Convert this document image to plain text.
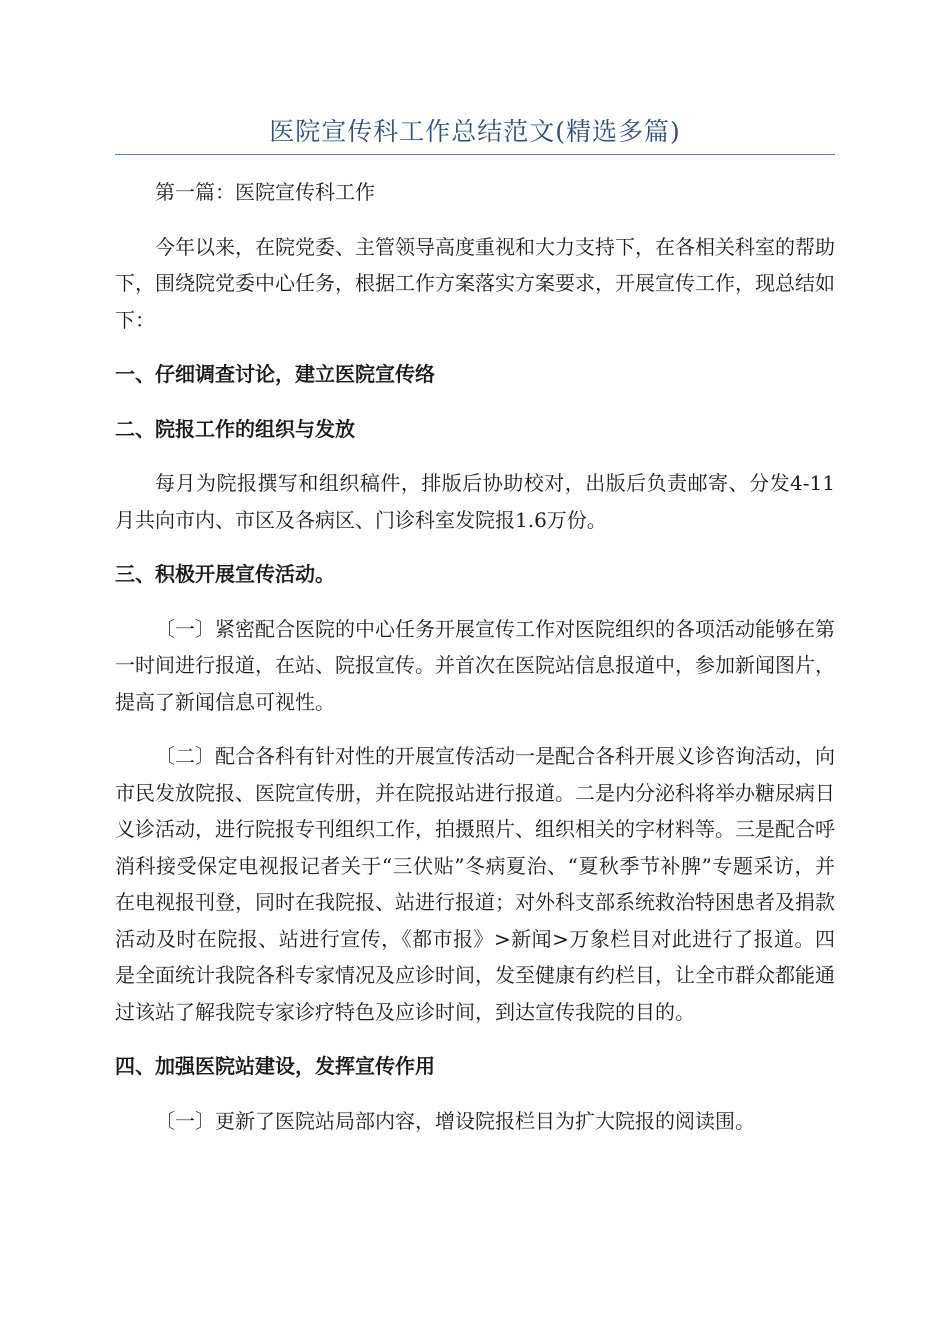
医院宣传科工作总结范文(精选多篇)

第一篇：医院宣传科工作

今年以来，在院党委、主管领导高度重视和大力支持下，在各相关科室的帮助下，围绕院党委中心任务，根据工作方案落实方案要求，开展宣传工作，现总结如下：

一、仔细调查讨论，建立医院宣传络
二、院报工作的组织与发放

每月为院报撰写和组织稿件，排版后协助校对，出版后负责邮寄、分发4-11月共向市内、市区及各病区、门诊科室发院报1.6万份。

三、积极开展宣传活动。

〔一〕紧密配合医院的中心任务开展宣传工作对医院组织的各项活动能够在第一时间进行报道，在站、院报宣传。并首次在医院站信息报道中，参加新闻图片，提高了新闻信息可视性。

〔二〕配合各科有针对性的开展宣传活动一是配合各科开展义诊咨询活动，向市民发放院报、医院宣传册，并在院报站进行报道。二是内分泌科将举办糖尿病日义诊活动，进行院报专刊组织工作，拍摄照片、组织相关的字材料等。三是配合呼消科接受保定电视报记者关于“三伏贴”冬病夏治、“夏秋季节补脾”专题采访，并在电视报刊登，同时在我院报、站进行报道；对外科支部系统救治特困患者及捐款活动及时在院报、站进行宣传，《都市报》>新闻>万象栏目对此进行了报道。四是全面统计我院各科专家情况及应诊时间，发至健康有约栏目，让全市群众都能通过该站了解我院专家诊疗特色及应诊时间，到达宣传我院的目的。

四、加强医院站建设，发挥宣传作用

〔一〕更新了医院站局部内容，增设院报栏目为扩大院报的阅读围。
